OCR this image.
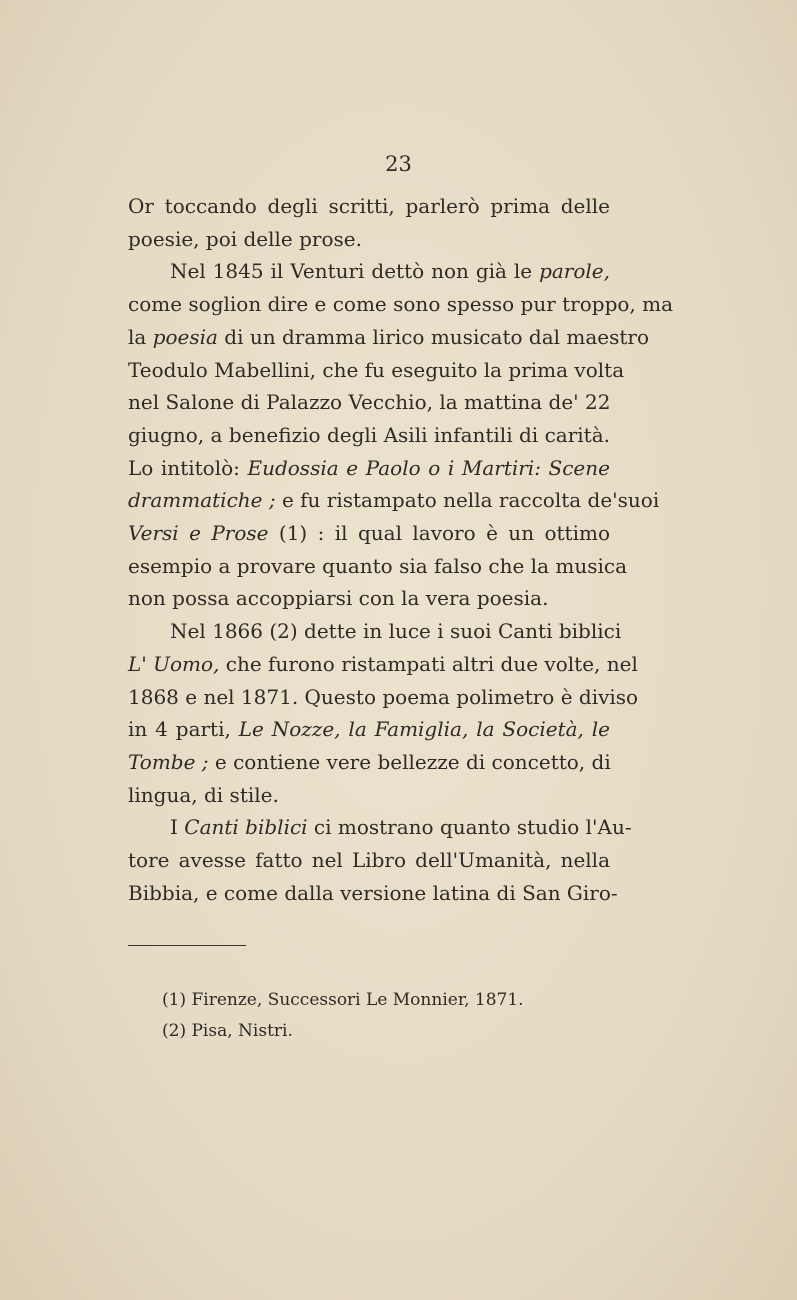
23
Or toccando degli scritti, parlerò prima delle
poesie, poi delle prose.
Nel 1845 il Venturi dettò non già le parole,
come soglion dire e come sono spesso pur troppo, ma
la poesia di un dramma lirico musicato dal maestro
Teodulo Mabellini, che fu eseguito la prima volta
nel Salone di Palazzo Vecchio, la mattina de' 22
giugno, a benefizio degli Asili infantili di carità.
Lo intitolò: Eudossia e Paolo o i Martiri: Scene
drammatiche ; e fu ristampato nella raccolta de'suoi
Versi e Prose (1) : il qual lavoro è un ottimo
esempio a provare quanto sia falso che la musica
non possa accoppiarsi con la vera poesia.
Nel 1866 (2) dette in luce i suoi Canti biblici
L' Uomo, che furono ristampati altri due volte, nel
1868 e nel 1871. Questo poema polimetro è diviso
in 4 parti, Le Nozze, la Famiglia, la Società, le
Tombe ; e contiene vere bellezze di concetto, di
lingua, di stile.
I Canti biblici ci mostrano quanto studio l'Au-
tore avesse fatto nel Libro dell'Umanità, nella
Bibbia, e come dalla versione latina di San Giro-
(1) Firenze, Successori Le Monnier, 1871.
(2) Pisa, Nistri.
